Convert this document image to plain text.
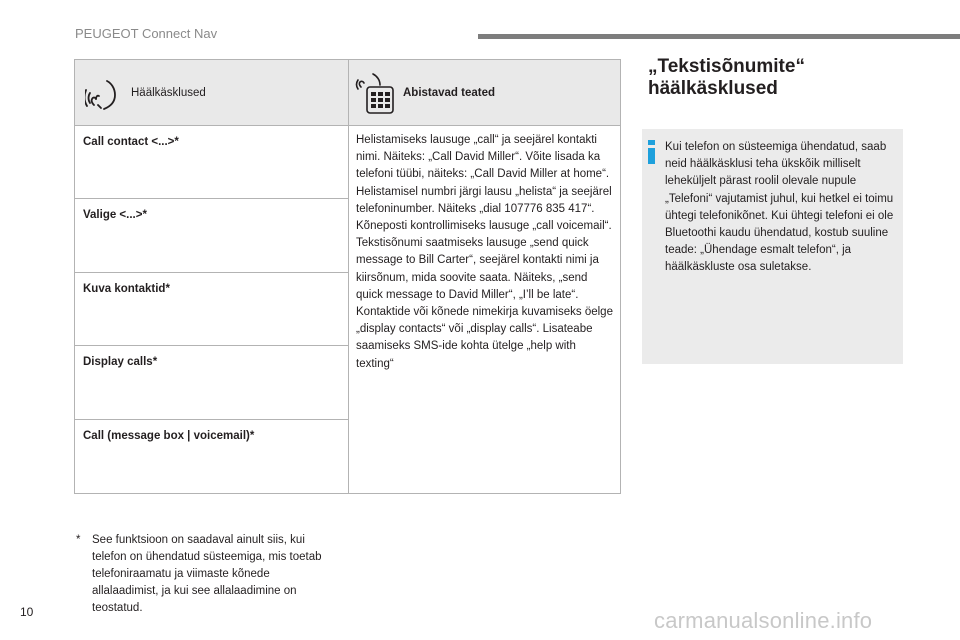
PEUGEOT Connect Nav
Häälkäsklused	Abistavad teated
Call contact <...>*
Valige <...>*
Kuva kontaktid*
Display calls*
Call (message box | voicemail)*
Helistamiseks lausuge „call“ ja seejärel kontakti nimi. Näiteks: „Call David Miller“. Võite lisada ka telefoni tüübi, näiteks: „Call David Miller at home“. Helistamisel numbri järgi lausu „helista“ ja seejärel telefoninumber. Näiteks „dial 107776 835 417“. Kõneposti kontrollimiseks lausuge „call voicemail“. Tekstisõnumi saatmiseks lausuge „send quick message to Bill Carter“, seejärel kontakti nimi ja kiirsõnum, mida soovite saata. Näiteks, „send quick message to David Miller“, „I’ll be late“. Kontaktide või kõnede nimekirja kuvamiseks öelge „display contacts“ või „display calls“. Lisateabe saamiseks SMS-ide kohta ütelge „help with texting“
*	See funktsioon on saadaval ainult siis, kui telefon on ühendatud süsteemiga, mis toetab telefoniraamatu ja viimaste kõnede allalaadimist, ja kui see allalaadimine on teostatud.
„Tekstisõnumite“ häälkäsklused
Kui telefon on süsteemiga ühendatud, saab neid häälkäsklusi teha ükskõik milliselt leheküljelt pärast roolil olevale nupule „Telefoni“ vajutamist juhul, kui hetkel ei toimu ühtegi telefonikõnet. Kui ühtegi telefoni ei ole Bluetoothi kaudu ühendatud, kostub suuline teade: „Ühendage esmalt telefon“, ja häälkäskluste osa suletakse.
10	carmanualsonline.info
